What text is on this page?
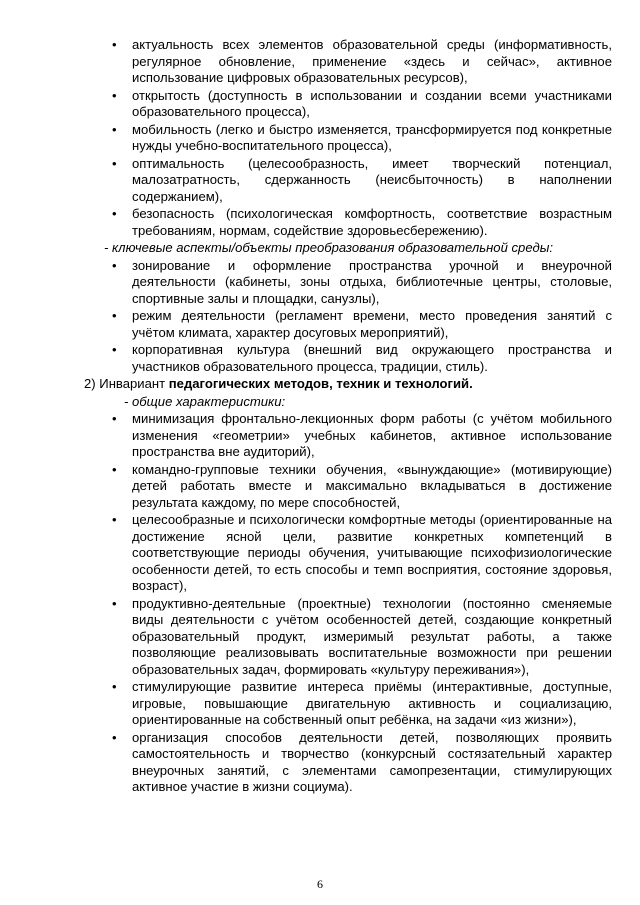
• актуальность всех элементов образовательной среды (информативность, регулярное обновление, применение «здесь и сейчас», активное использование цифровых образовательных ресурсов),
• открытость (доступность в использовании и создании всеми участниками образовательного процесса),
• мобильность (легко и быстро изменяется, трансформируется под конкретные нужды учебно-воспитательного процесса),
• оптимальность (целесообразность, имеет творческий потенциал, малозатратность, сдержанность (неисбыточность) в наполнении содержанием),
• безопасность (психологическая комфортность, соответствие возрастным требованиям, нормам, содействие здоровьесбережению).
- ключевые аспекты/объекты преобразования образовательной среды:
• зонирование и оформление пространства урочной и внеурочной деятельности (кабинеты, зоны отдыха, библиотечные центры, столовые, спортивные залы и площадки, санузлы),
• режим деятельности (регламент времени, место проведения занятий с учётом климата, характер досуговых мероприятий),
• корпоративная культура (внешний вид окружающего пространства и участников образовательного процесса, традиции, стиль).
2) Инвариант педагогических методов, техник и технологий.
- общие характеристики:
• минимизация фронтально-лекционных форм работы (с учётом мобильного изменения «геометрии» учебных кабинетов, активное использование пространства вне аудиторий),
• командно-групповые техники обучения, «вынуждающие» (мотивирующие) детей работать вместе и максимально вкладываться в достижение результата каждому, по мере способностей,
• целесообразные и психологически комфортные методы (ориентированные на достижение ясной цели, развитие конкретных компетенций в соответствующие периоды обучения, учитывающие психофизиологические особенности детей, то есть способы и темп восприятия, состояние здоровья, возраст),
• продуктивно-деятельные (проектные) технологии (постоянно сменяемые виды деятельности с учётом особенностей детей, создающие конкретный образовательный продукт, измеримый результат работы, а также позволяющие реализовывать воспитательные возможности при решении образовательных задач, формировать «культуру переживания»),
• стимулирующие развитие интереса приёмы (интерактивные, доступные, игровые, повышающие двигательную активность и социализацию, ориентированные на собственный опыт ребёнка, на задачи «из жизни»),
• организация способов деятельности детей, позволяющих проявить самостоятельность и творчество (конкурсный состязательный характер внеурочных занятий, с элементами самопрезентации, стимулирующих активное участие в жизни социума).
6
